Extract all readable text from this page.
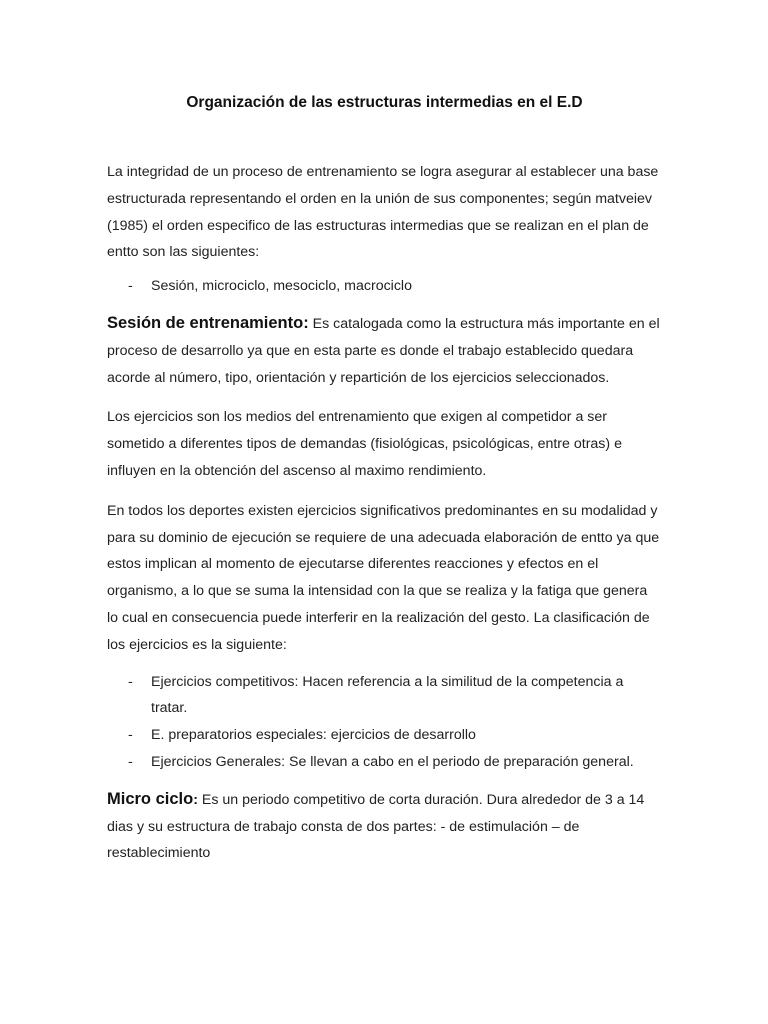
Organización de las estructuras intermedias en el E.D

La integridad de un proceso de entrenamiento se logra asegurar al establecer una base estructurada representando el orden en la unión de sus componentes; según matveiev (1985) el orden especifico de las estructuras intermedias que se realizan en el plan de entto son las siguientes:

- Sesión, microciclo, mesociclo, macrociclo

Sesión de entrenamiento: Es catalogada como la estructura más importante en el proceso de desarrollo ya que en esta parte es donde el trabajo establecido quedara acorde al número, tipo, orientación y repartición de los ejercicios seleccionados.

Los ejercicios son los medios del entrenamiento que exigen al competidor a ser sometido a diferentes tipos de demandas (fisiológicas, psicológicas, entre otras) e influyen en la obtención del ascenso al maximo rendimiento.

En todos los deportes existen ejercicios significativos predominantes en su modalidad y para su dominio de ejecución se requiere de una adecuada elaboración de entto ya que estos implican al momento de ejecutarse diferentes reacciones y efectos en el organismo, a lo que se suma la intensidad con la que se realiza y la fatiga que genera lo cual en consecuencia puede interferir en la realización del gesto. La clasificación de los ejercicios es la siguiente:

- Ejercicios competitivos: Hacen referencia a la similitud de la competencia a tratar.
- E. preparatorios especiales: ejercicios de desarrollo
- Ejercicios Generales: Se llevan a cabo en el periodo de preparación general.

Micro ciclo: Es un periodo competitivo de corta duración. Dura alrededor de 3 a 14 dias y su estructura de trabajo consta de dos partes: - de estimulación – de restablecimiento
